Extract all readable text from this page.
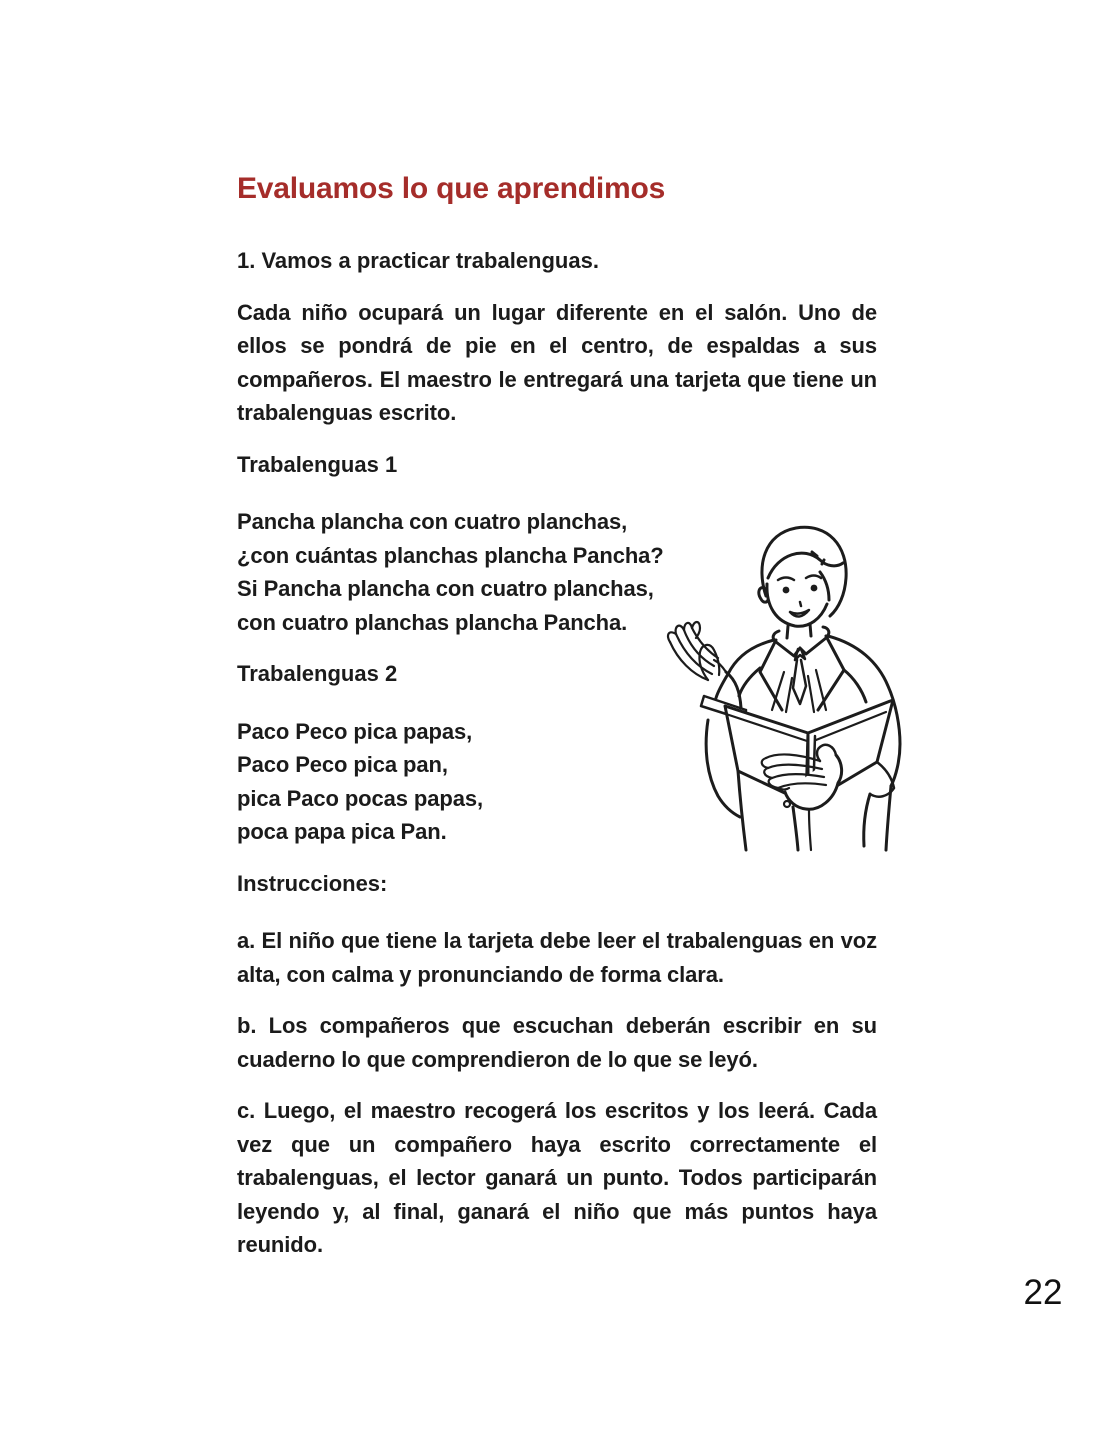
Evaluamos lo que aprendimos

1. Vamos a practicar trabalenguas.

Cada niño ocupará un lugar diferente en el salón. Uno de ellos se pondrá de pie en el centro, de espaldas a sus compañeros. El maestro le entregará una tarjeta que tiene un trabalenguas escrito.

Trabalenguas 1

Pancha plancha con cuatro planchas,
¿con cuántas planchas plancha Pancha?
Si Pancha plancha con cuatro planchas,
con cuatro planchas plancha Pancha.

Trabalenguas 2

Paco Peco pica papas,
Paco Peco pica pan,
pica Paco pocas papas,
poca papa pica Pan.

Instrucciones:

a. El niño que tiene la tarjeta debe leer el trabalenguas en voz alta, con calma y pronunciando de forma clara.

b. Los compañeros que escuchan deberán escribir en su cuaderno lo que comprendieron de lo que se leyó.

c. Luego, el maestro recogerá los escritos y los leerá. Cada vez que un compañero haya escrito correctamente el trabalenguas, el lector ganará un punto. Todos participarán leyendo y, al final, ganará el niño que más puntos haya reunido.

22
